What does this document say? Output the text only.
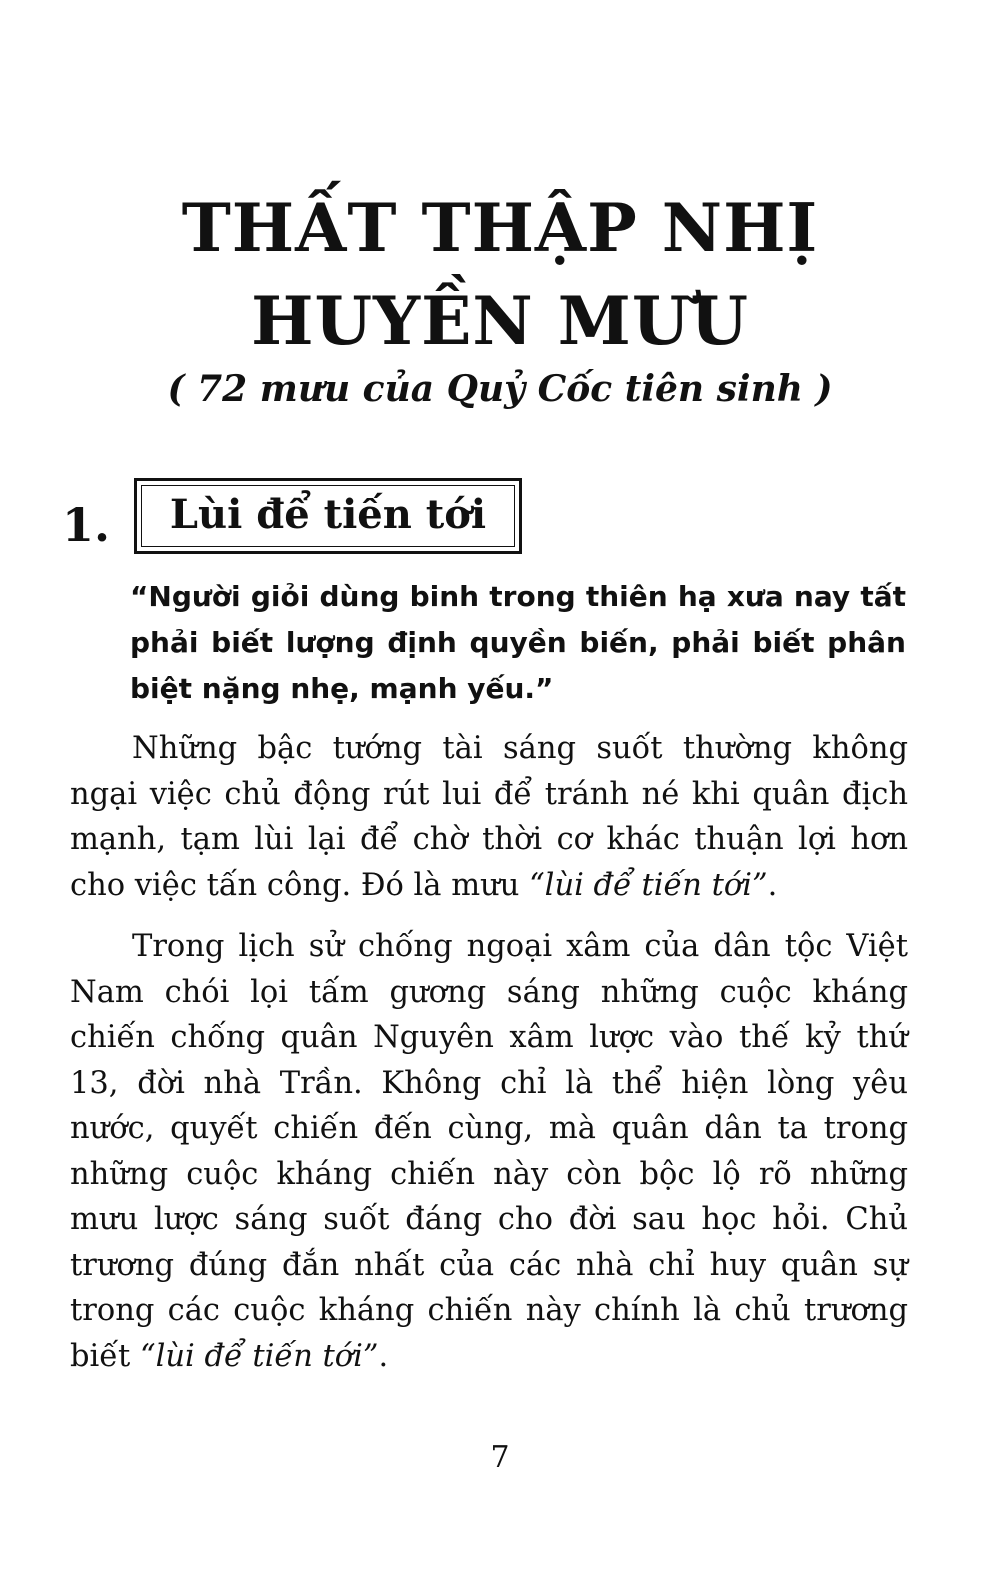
THẤT THẬP NHỊ
HUYỀN MƯU
( 72 mưu của Quỷ Cốc tiên sinh )
1.	Lùi để tiến tới
“Người giỏi dùng binh trong thiên hạ xưa nay tất phải biết lượng định quyền biến, phải biết phân biệt nặng nhẹ, mạnh yếu.”
Những bậc tướng tài sáng suốt thường không ngại việc chủ động rút lui để tránh né khi quân địch mạnh, tạm lùi lại để chờ thời cơ khác thuận lợi hơn cho việc tấn công. Đó là mưu “lùi để tiến tới”.
Trong lịch sử chống ngoại xâm của dân tộc Việt Nam chói lọi tấm gương sáng những cuộc kháng chiến chống quân Nguyên xâm lược vào thế kỷ thứ 13, đời nhà Trần. Không chỉ là thể hiện lòng yêu nước, quyết chiến đến cùng, mà quân dân ta trong những cuộc kháng chiến này còn bộc lộ rõ những mưu lược sáng suốt đáng cho đời sau học hỏi. Chủ trương đúng đắn nhất của các nhà chỉ huy quân sự trong các cuộc kháng chiến này chính là chủ trương biết “lùi để tiến tới”.
7
